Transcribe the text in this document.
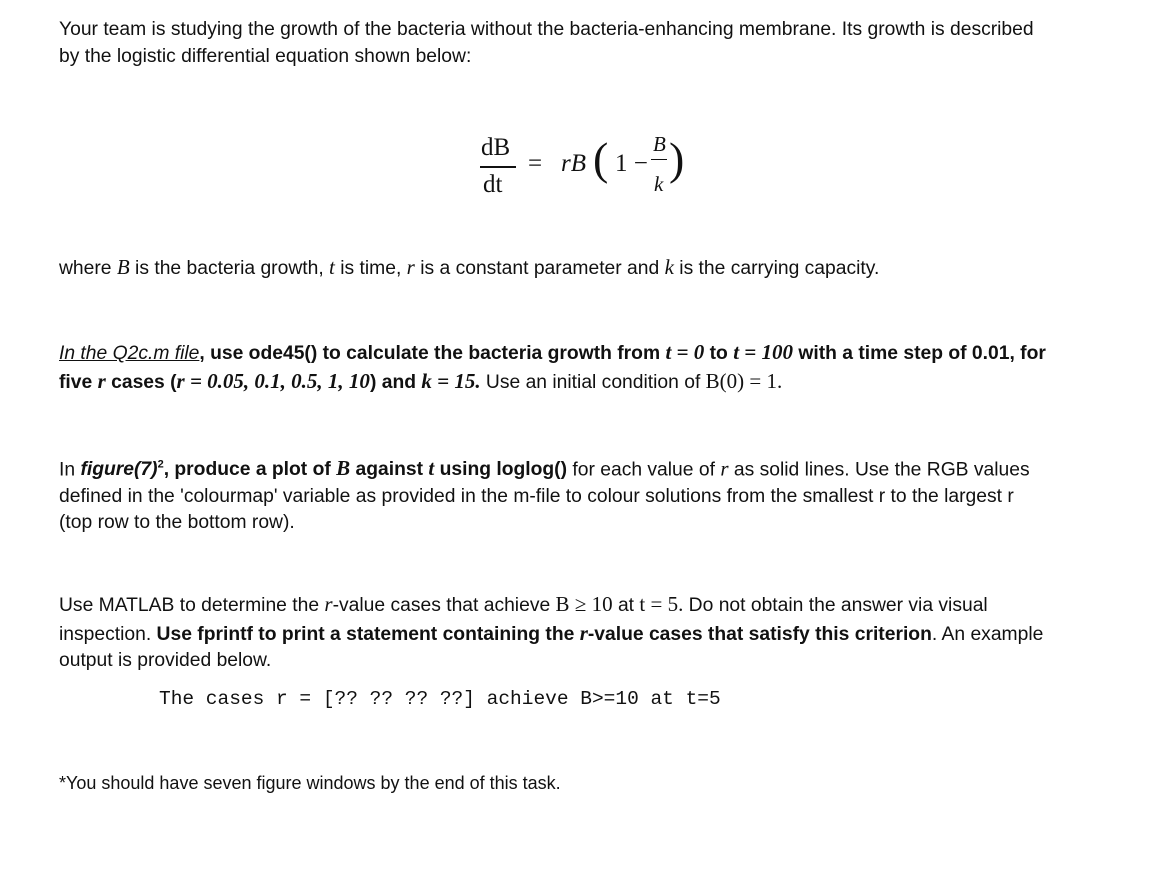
Your team is studying the growth of the bacteria without the bacteria-enhancing membrane. Its growth is described
by the logistic differential equation shown below:

dB
dt
= rB ( 1 −
B
k )

where B is the bacteria growth, t is time, r is a constant parameter and k is the carrying capacity.

In the Q2c.m file, use ode45() to calculate the bacteria growth from t = 0 to t = 100 with a time step of 0.01, for
five r cases (r = 0.05, 0.1, 0.5, 1, 10) and k = 15. Use an initial condition of B(0) = 1.

In $figure(7)^2$, produce a plot of B against t using loglog() for each value of r as solid lines. Use the RGB values
defined in the 'colourmap' variable as provided in the m-file to colour solutions from the smallest r to the largest r
(top row to the bottom row).

Use MATLAB to determine the r-value cases that achieve B ≥ 10 at t = 5. Do not obtain the answer via visual
inspection. Use fprintf to print a statement containing the r-value cases that satisfy this criterion. An example
output is provided below.

The cases r = [?? ?? ?? ??] achieve B>=10 at t=5

*You should have seven figure windows by the end of this task.
